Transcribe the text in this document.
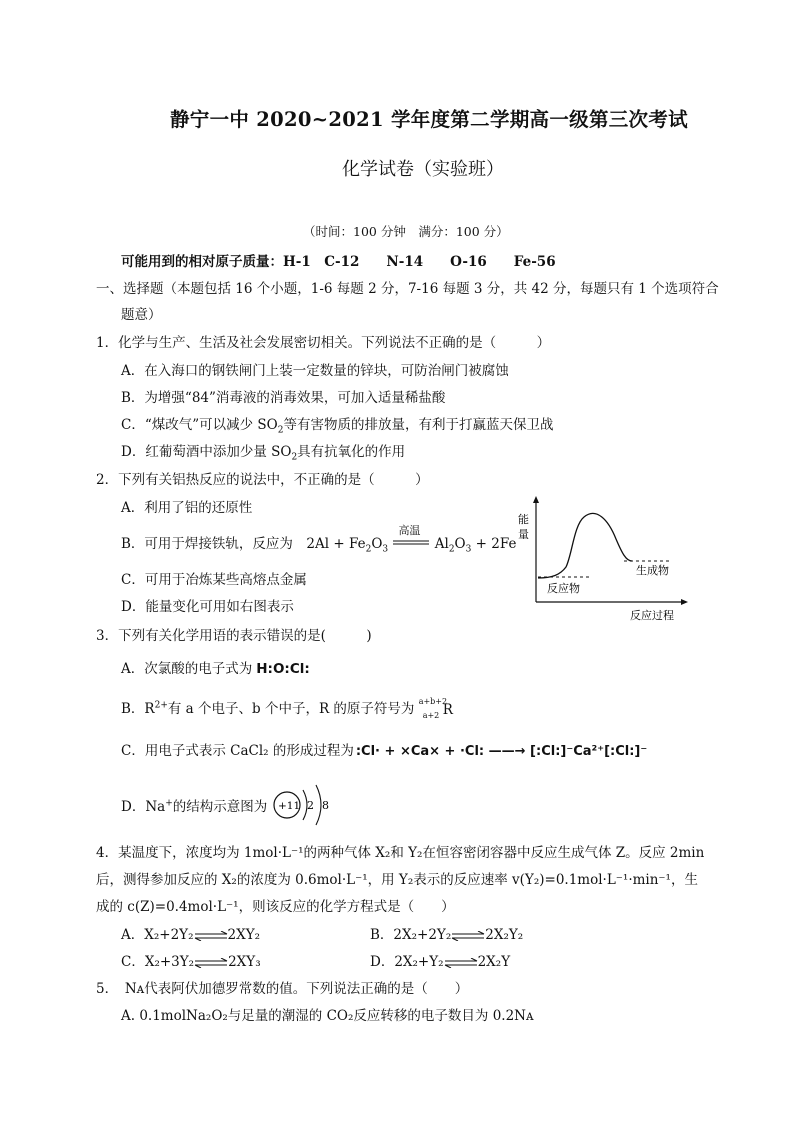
静宁一中 2020~2021 学年度第二学期高一级第三次考试
化学试卷（实验班）
（时间：100 分钟　满分：100 分）
可能用到的相对原子质量：H-1　C-12　　N-14　　O-16　　Fe-56
一、选择题（本题包括 16 个小题，1-6 每题 2 分，7-16 每题 3 分，共 42 分，每题只有 1 个选项符合
题意）
1．化学与生产、生活及社会发展密切相关。下列说法不正确的是（　　　）
A．在入海口的钢铁闸门上装一定数量的锌块，可防治闸门被腐蚀
B．为增强“84”消毒液的消毒效果，可加入适量稀盐酸
C．“煤改气”可以减少 $SO_2$等有害物质的排放量，有利于打赢蓝天保卫战
D．红葡萄酒中添加少量 $SO_2$具有抗氧化的作用
2．下列有关铝热反应的说法中，不正确的是（　　　）
A．利用了铝的还原性
B．可用于焊接铁轨，反应为　$2Al + Fe_2O_3$
高温
$Al_2O_3 + 2Fe$
C．可用于冶炼某些高熔点金属
D．能量变化可用如右图表示
能
量
反应物
生成物
反应过程
3．下列有关化学用语的表示错误的是(　　　)
A．次氯酸的电子式为 H:O:Cl:
B．$R^{2+}$有 a 个电子、b 个中子，R 的原子符号为 a+b+2
a+2 R
C．用电子式表示 CaCl₂ 的形成过程为 :Cl· + ×Ca× + ·Cl: ——→ [:Cl:]⁻Ca²⁺[:Cl:]⁻
D．Na+的结构示意图为 +11 2 8
4．某温度下，浓度均为 1mol·L⁻¹的两种气体 X₂和 Y₂在恒容密闭容器中反应生成气体 Z。反应 2min
后，测得参加反应的 X₂的浓度为 0.6mol·L⁻¹，用 Y₂表示的反应速率 v(Y₂)=0.1mol·L⁻¹·min⁻¹，生
成的 c(Z)=0.4mol·L⁻¹，则该反应的化学方程式是（　　）
A．X₂+2Y₂	2XY₂	B．2X₂+2Y₂	2X₂Y₂
C．X₂+3Y₂	2XY₃	D．2X₂+Y₂	2X₂Y
5．　Nᴀ代表阿伏加德罗常数的值。下列说法正确的是（　　）
A. 0.1molNa₂O₂与足量的潮湿的 CO₂反应转移的电子数目为 0.2Nᴀ
